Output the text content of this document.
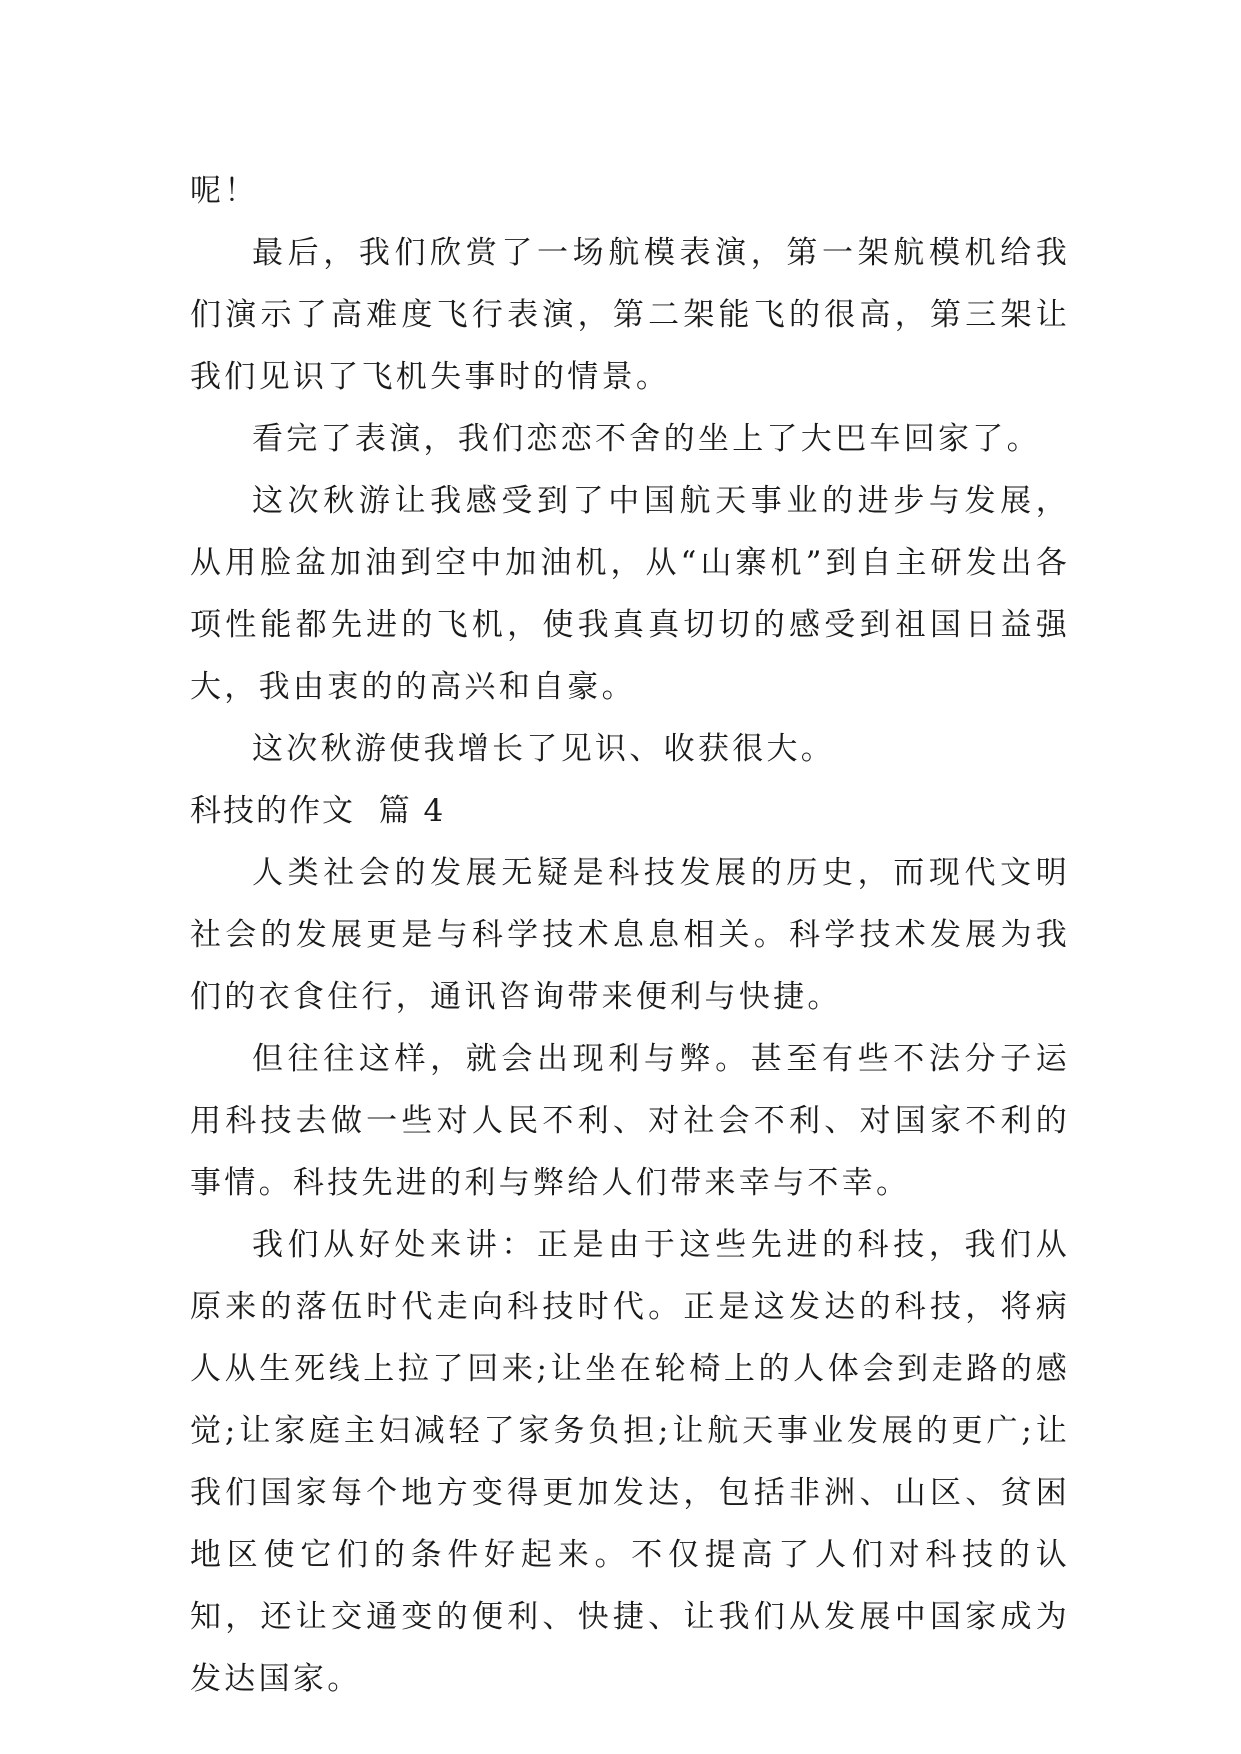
呢！

最后，我们欣赏了一场航模表演，第一架航模机给我们演示了高难度飞行表演，第二架能飞的很高，第三架让我们见识了飞机失事时的情景。

看完了表演，我们恋恋不舍的坐上了大巴车回家了。

这次秋游让我感受到了中国航天事业的进步与发展，从用脸盆加油到空中加油机，从“山寨机”到自主研发出各项性能都先进的飞机，使我真真切切的感受到祖国日益强大，我由衷的的高兴和自豪。

这次秋游使我增长了见识、收获很大。

科技的作文  篇 4

人类社会的发展无疑是科技发展的历史，而现代文明社会的发展更是与科学技术息息相关。科学技术发展为我们的衣食住行，通讯咨询带来便利与快捷。

但往往这样，就会出现利与弊。甚至有些不法分子运用科技去做一些对人民不利、对社会不利、对国家不利的事情。科技先进的利与弊给人们带来幸与不幸。

我们从好处来讲：正是由于这些先进的科技，我们从原来的落伍时代走向科技时代。正是这发达的科技，将病人从生死线上拉了回来;让坐在轮椅上的人体会到走路的感觉;让家庭主妇减轻了家务负担;让航天事业发展的更广;让我们国家每个地方变得更加发达，包括非洲、山区、贫困地区使它们的条件好起来。不仅提高了人们对科技的认知，还让交通变的便利、快捷、让我们从发展中国家成为发达国家。
